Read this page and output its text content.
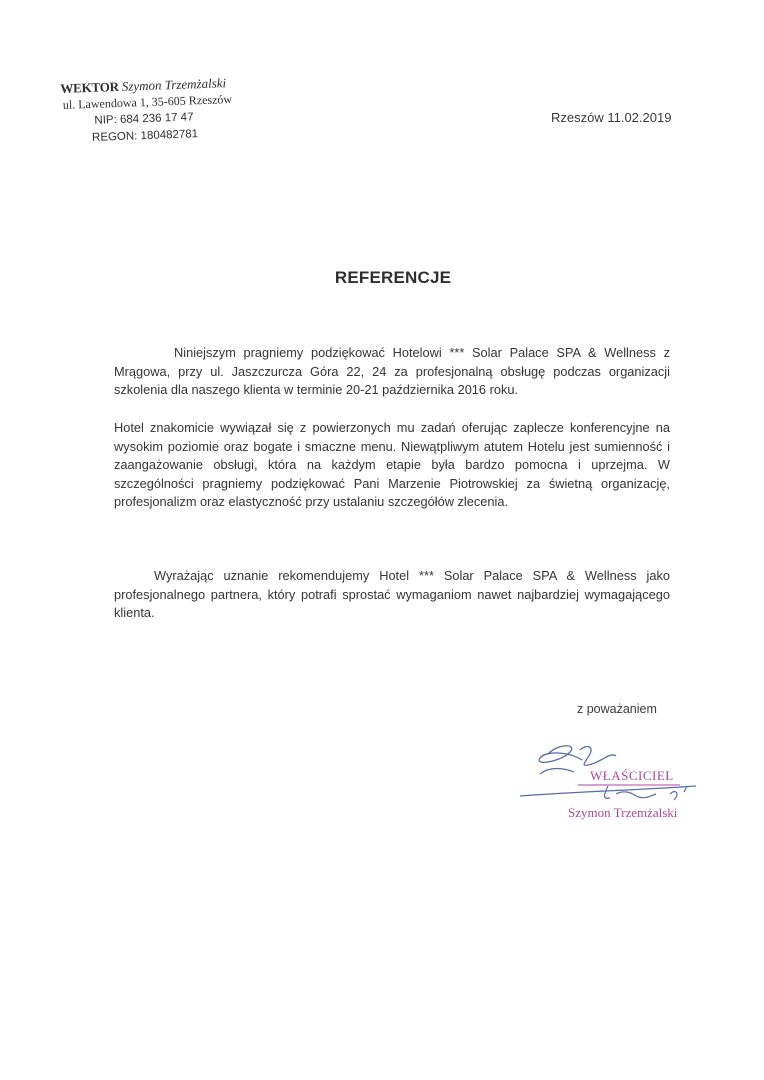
WEKTOR Szymon Trzemżalski
ul. Lawendowa 1, 35-605 Rzeszów
NIP: 684 236 17 47
REGON: 180482781
Rzeszów 11.02.2019
REFERENCJE
Niniejszym pragniemy podziękować Hotelowi *** Solar Palace SPA & Wellness z Mrągowa, przy ul. Jaszczurcza Góra 22, 24 za profesjonalną obsługę podczas organizacji szkolenia dla naszego klienta w terminie 20-21 października 2016 roku.
Hotel znakomicie wywiązał się z powierzonych mu zadań oferując zaplecze konferencyjne na wysokim poziomie oraz bogate i smaczne menu. Niewątpliwym atutem Hotelu jest sumienność i zaangażowanie obsługi, która na każdym etapie była bardzo pomocna i uprzejma. W szczególności pragniemy podziękować Pani Marzenie Piotrowskiej za świetną organizację, profesjonalizm oraz elastyczność przy ustalaniu szczegółów zlecenia.
Wyrażając uznanie rekomendujemy Hotel *** Solar Palace SPA & Wellness jako profesjonalnego partnera, który potrafi sprostać wymaganiom nawet najbardziej wymagającego klienta.
z poważaniem
WŁAŚCICIEL
Szymon Trzemżalski
